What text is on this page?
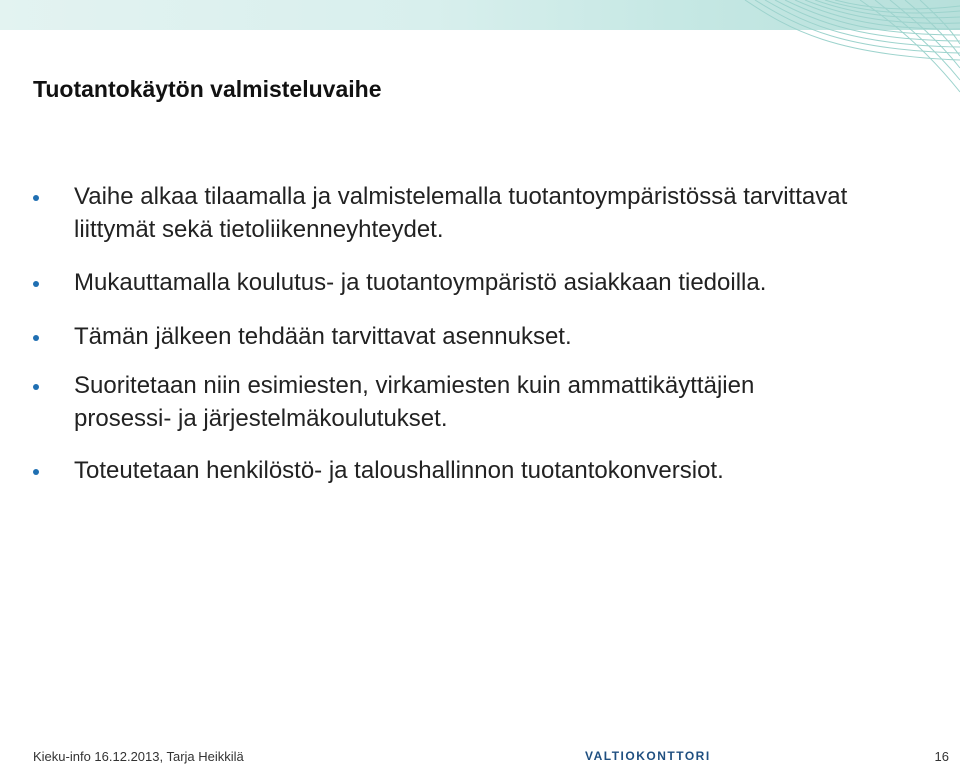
Tuotantokäytön valmisteluvaihe
Vaihe alkaa tilaamalla ja valmistelemalla tuotantoympäristössä tarvittavat liittymät sekä tietoliikenneyhteydet.
Mukauttamalla koulutus- ja tuotantoympäristö asiakkaan tiedoilla.
Tämän jälkeen tehdään tarvittavat asennukset.
Suoritetaan niin esimiesten, virkamiesten kuin ammattikäyttäjien prosessi- ja järjestelmäkoulutukset.
Toteutetaan henkilöstö- ja taloushallinnon tuotantokonversiot.
Kieku-info 16.12.2013, Tarja Heikkilä	VALTIOKONTTORI	16
